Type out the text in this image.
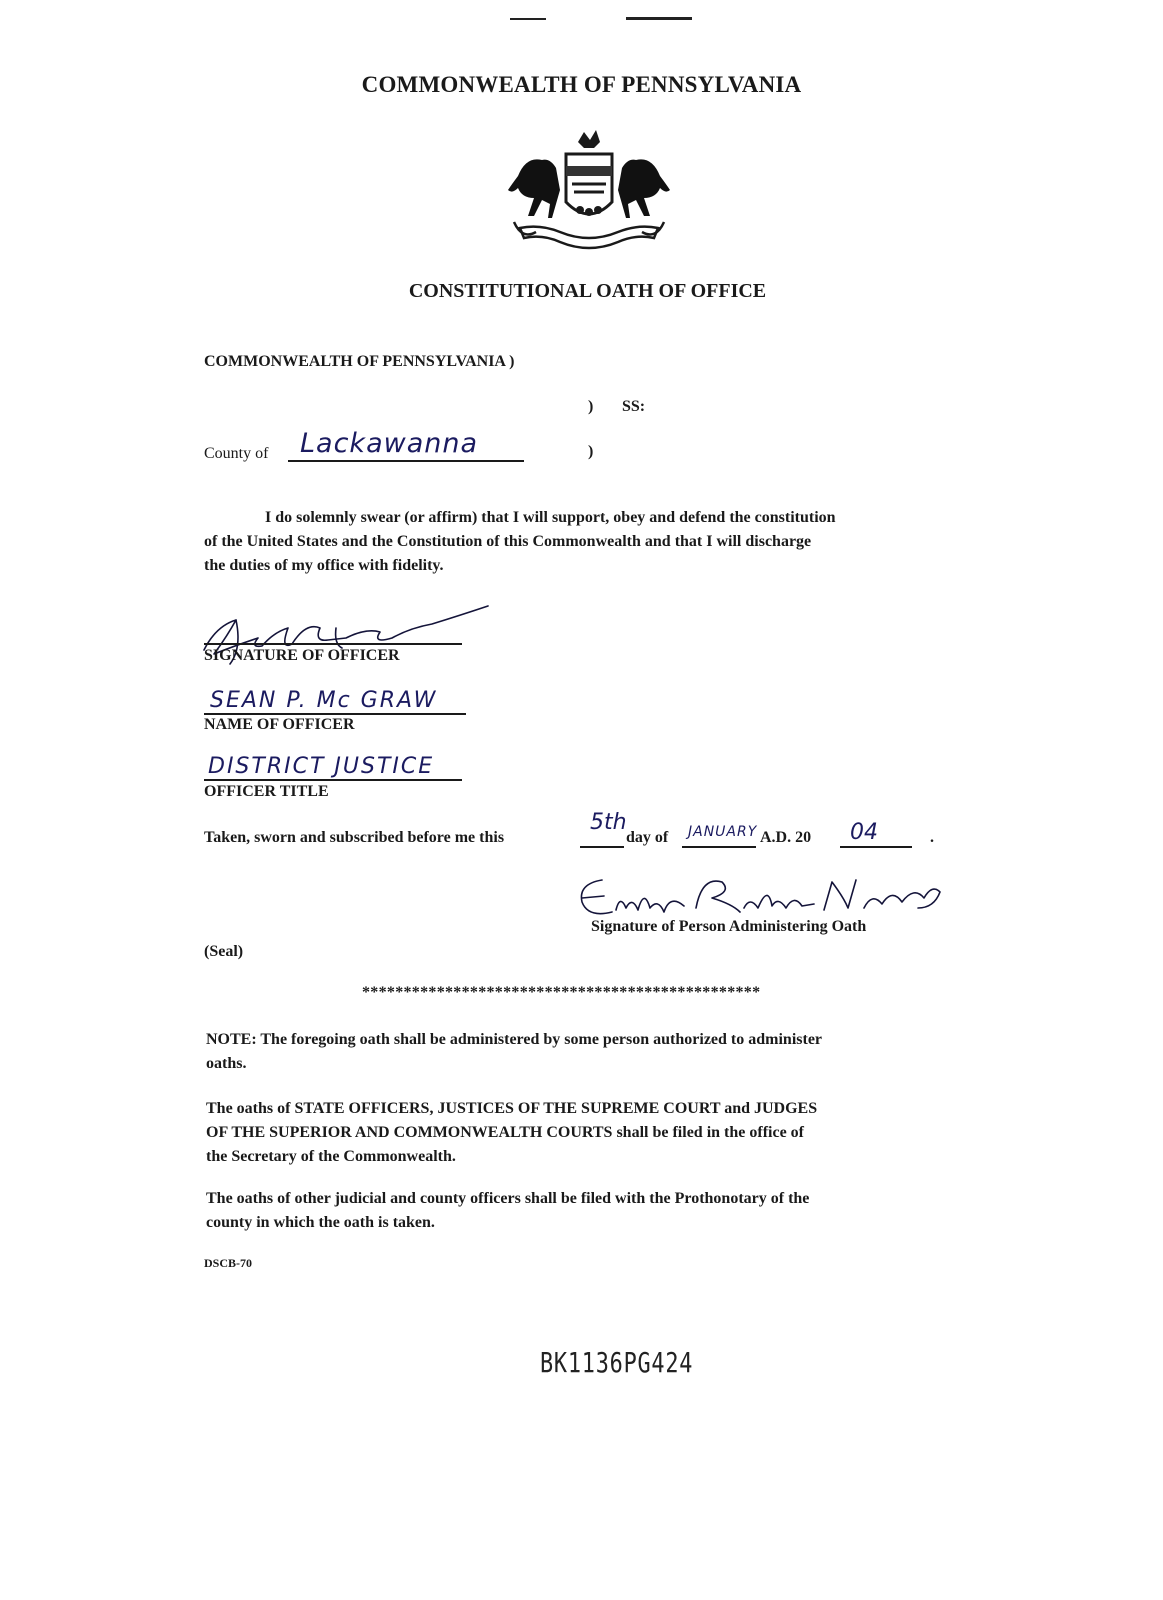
COMMONWEALTH OF PENNSYLVANIA
CONSTITUTIONAL OATH OF OFFICE
COMMONWEALTH OF PENNSYLVANIA )
) SS:
County of Lackawanna	)
I do solemnly swear (or affirm) that I will support, obey and defend the constitution
of the United States and the Constitution of this Commonwealth and that I will discharge
the duties of my office with fidelity.
SIGNATURE OF OFFICER
SEAN P. Mc GRAW
NAME OF OFFICER
DISTRICT JUSTICE
OFFICER TITLE
Taken, sworn and subscribed before me this
5th
day of JANUARY A.D. 20 04	.
Signature of Person Administering Oath
(Seal)
************************************************
NOTE: The foregoing oath shall be administered by some person authorized to administer
oaths.
The oaths of STATE OFFICERS, JUSTICES OF THE SUPREME COURT and JUDGES
OF THE SUPERIOR AND COMMONWEALTH COURTS shall be filed in the office of
the Secretary of the Commonwealth.
The oaths of other judicial and county officers shall be filed with the Prothonotary of the
county in which the oath is taken.
DSCB-70
BK1136PG424
